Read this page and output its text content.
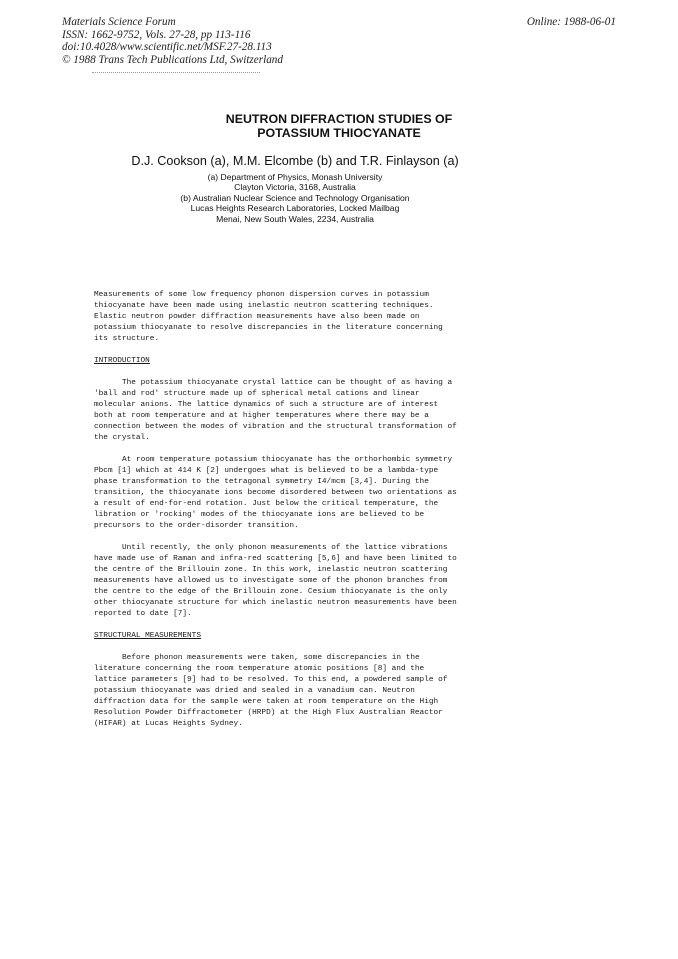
Materials Science Forum
ISSN: 1662-9752, Vols. 27-28, pp 113-116
doi:10.4028/www.scientific.net/MSF.27-28.113
© 1988 Trans Tech Publications Ltd, Switzerland
Online: 1988-06-01
NEUTRON DIFFRACTION STUDIES OF
POTASSIUM THIOCYANATE
D.J. Cookson (a), M.M. Elcombe (b) and T.R. Finlayson (a)
(a) Department of Physics, Monash University
Clayton Victoria, 3168, Australia
(b) Australian Nuclear Science and Technology Organisation
Lucas Heights Research Laboratories, Locked Mailbag
Menai, New South Wales, 2234, Australia

Measurements of some low frequency phonon dispersion curves in potassium
thiocyanate have been made using inelastic neutron scattering techniques.
Elastic neutron powder diffraction measurements have also been made on
potassium thiocyanate to resolve discrepancies in the literature concerning
its structure.

INTRODUCTION

The potassium thiocyanate crystal lattice can be thought of as having a
'ball and rod' structure made up of spherical metal cations and linear
molecular anions. The lattice dynamics of such a structure are of interest
both at room temperature and at higher temperatures where there may be a
connection between the modes of vibration and the structural transformation of
the crystal.

At room temperature potassium thiocyanate has the orthorhombic symmetry
Pbcm [1] which at 414 K [2] undergoes what is believed to be a lambda-type
phase transformation to the tetragonal symmetry I4/mcm [3,4]. During the
transition, the thiocyanate ions become disordered between two orientations as
a result of end-for-end rotation. Just below the critical temperature, the
libration or 'rocking' modes of the thiocyanate ions are believed to be
precursors to the order-disorder transition.

Until recently, the only phonon measurements of the lattice vibrations
have made use of Raman and infra-red scattering [5,6] and have been limited to
the centre of the Brillouin zone. In this work, inelastic neutron scattering
measurements have allowed us to investigate some of the phonon branches from
the centre to the edge of the Brillouin zone. Cesium thiocyanate is the only
other thiocyanate structure for which inelastic neutron measurements have been
reported to date [7].

STRUCTURAL MEASUREMENTS

Before phonon measurements were taken, some discrepancies in the
literature concerning the room temperature atomic positions [8] and the
lattice parameters [9] had to be resolved. To this end, a powdered sample of
potassium thiocyanate was dried and sealed in a vanadium can. Neutron
diffraction data for the sample were taken at room temperature on the High
Resolution Powder Diffractometer (HRPD) at the High Flux Australian Reactor
(HIFAR) at Lucas Heights Sydney.
